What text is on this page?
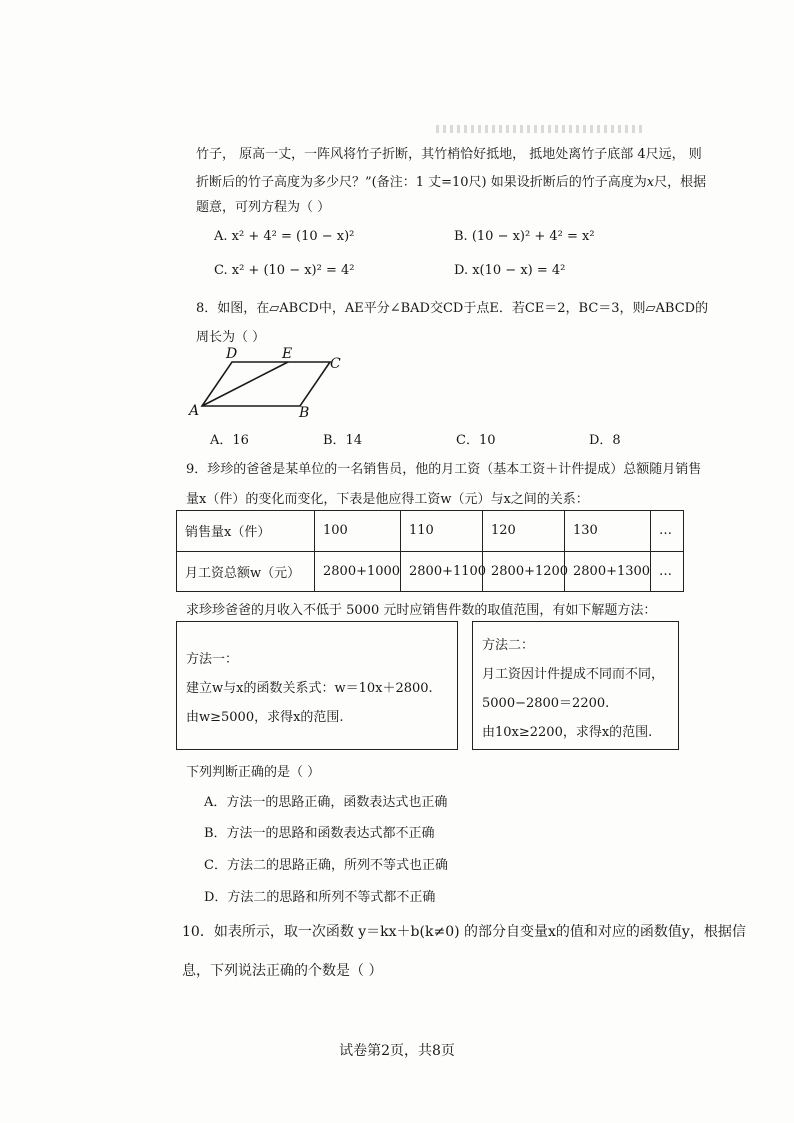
竹子， 原高一丈，一阵风将竹子折断，其竹梢恰好抵地， 抵地处离竹子底部 4尺远， 则
折断后的竹子高度为多少尺？”(备注：1 丈=10尺) 如果设折断后的竹子高度为x尺，根据
题意，可列方程为（ ）
A. x² + 4² = (10 − x)²	B. (10 − x)² + 4² = x²
C. x² + (10 − x)² = 4²	D. x(10 − x) = 4²
8．如图，在▱ABCD中，AE平分∠BAD交CD于点E．若CE＝2，BC＝3，则▱ABCD的
周长为（ ）
A	B
C
D	E
A．16	B．14	C．10	D．8
9．珍珍的爸爸是某单位的一名销售员，他的月工资（基本工资＋计件提成）总额随月销售
量x（件）的变化而变化，下表是他应得工资w（元）与x之间的关系：
销售量x（件）	100	110	120	130	…
月工资总额w（元）	2800+1000	2800+1100	2800+1200	2800+1300	…
求珍珍爸爸的月收入不低于 5000 元时应销售件数的取值范围，有如下解题方法：
方法一：
建立w与x的函数关系式：w＝10x＋2800.
由w≥5000，求得x的范围.
方法二：
月工资因计件提成不同而不同，
5000−2800＝2200.
由10x≥2200，求得x的范围.
下列判断正确的是（ ）
A．方法一的思路正确，函数表达式也正确
B．方法一的思路和函数表达式都不正确
C．方法二的思路正确，所列不等式也正确
D．方法二的思路和所列不等式都不正确
10．如表所示，取一次函数 y＝kx＋b(k≠0) 的部分自变量x的值和对应的函数值y，根据信
息，下列说法正确的个数是（ ）
试卷第2页，共8页
